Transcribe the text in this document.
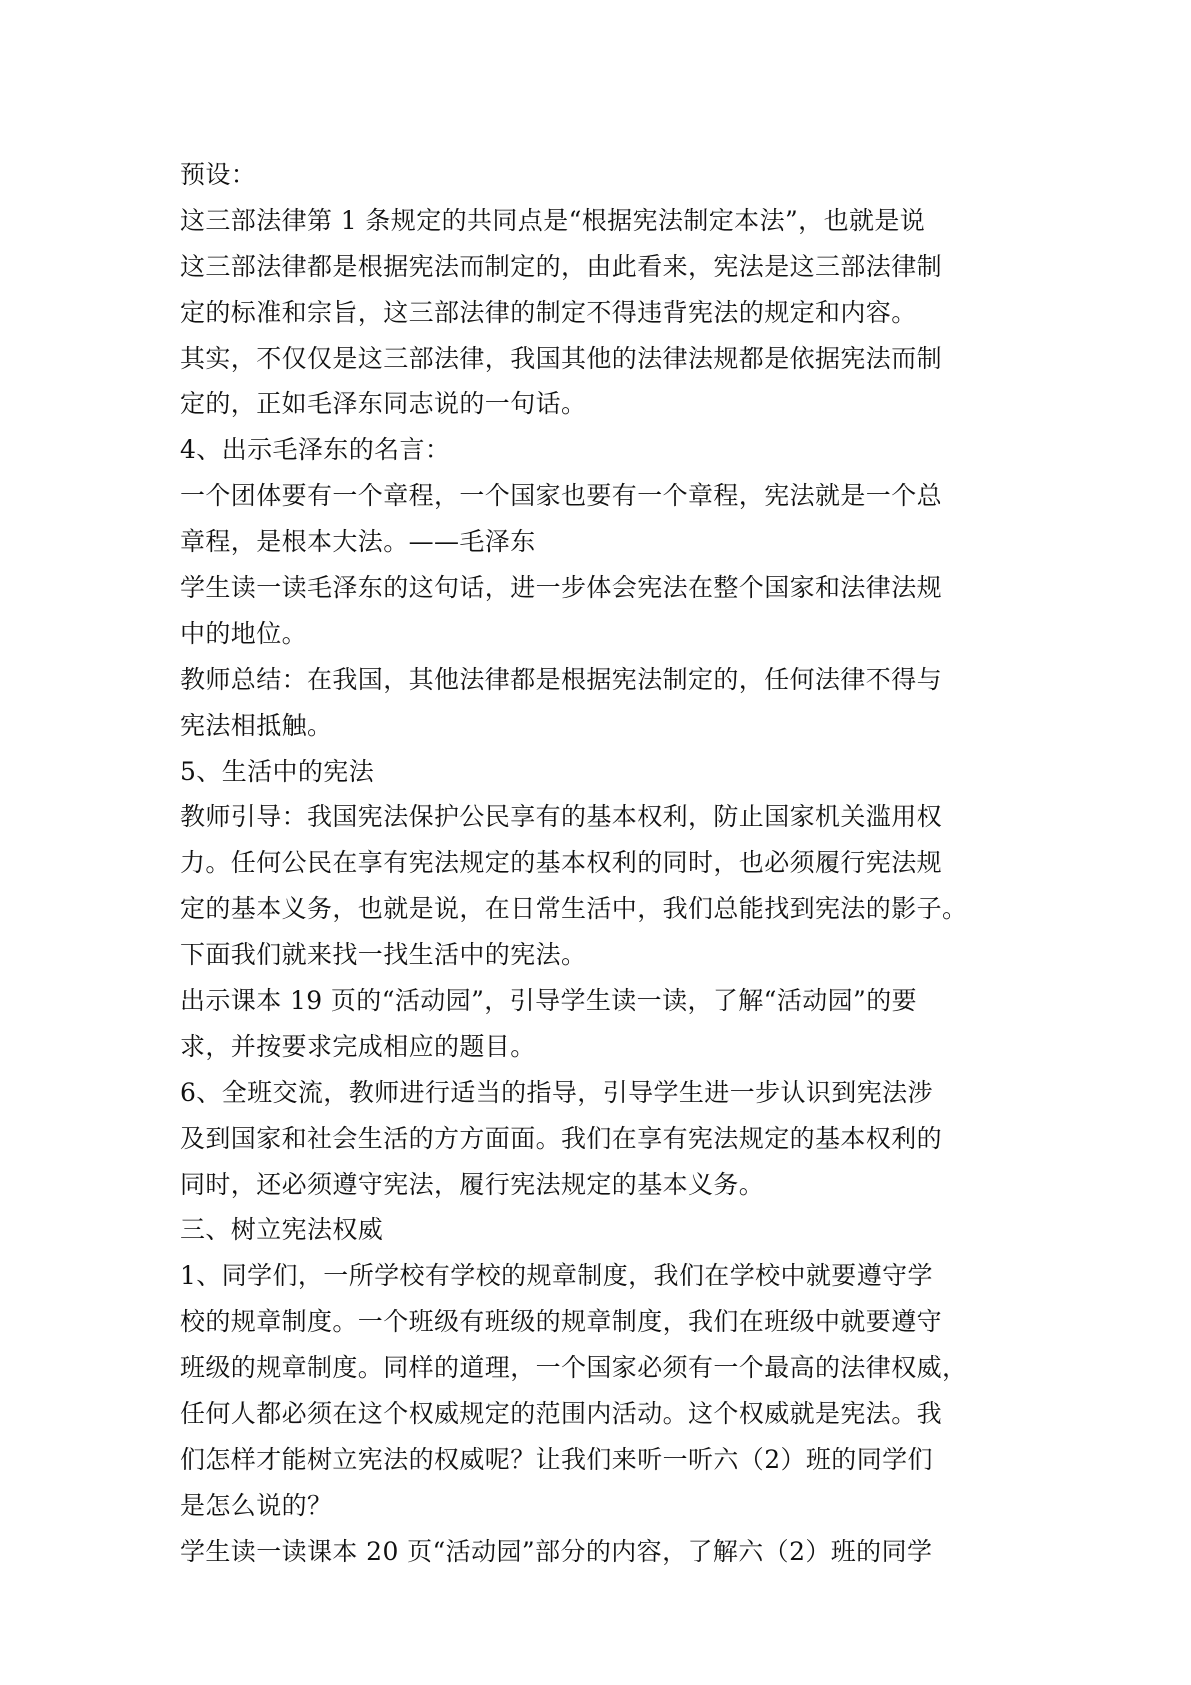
预设：
这三部法律第 1 条规定的共同点是“根据宪法制定本法”，也就是说
这三部法律都是根据宪法而制定的，由此看来，宪法是这三部法律制
定的标准和宗旨，这三部法律的制定不得违背宪法的规定和内容。
其实，不仅仅是这三部法律，我国其他的法律法规都是依据宪法而制
定的，正如毛泽东同志说的一句话。
4、出示毛泽东的名言：
一个团体要有一个章程，一个国家也要有一个章程，宪法就是一个总
章程，是根本大法。——毛泽东
学生读一读毛泽东的这句话，进一步体会宪法在整个国家和法律法规
中的地位。
教师总结：在我国，其他法律都是根据宪法制定的，任何法律不得与
宪法相抵触。
5、生活中的宪法
教师引导：我国宪法保护公民享有的基本权利，防止国家机关滥用权
力。任何公民在享有宪法规定的基本权利的同时，也必须履行宪法规
定的基本义务，也就是说，在日常生活中，我们总能找到宪法的影子。
下面我们就来找一找生活中的宪法。
出示课本 19 页的“活动园”，引导学生读一读，了解“活动园”的要
求，并按要求完成相应的题目。
6、全班交流，教师进行适当的指导，引导学生进一步认识到宪法涉
及到国家和社会生活的方方面面。我们在享有宪法规定的基本权利的
同时，还必须遵守宪法，履行宪法规定的基本义务。
三、树立宪法权威
1、同学们，一所学校有学校的规章制度，我们在学校中就要遵守学
校的规章制度。一个班级有班级的规章制度，我们在班级中就要遵守
班级的规章制度。同样的道理，一个国家必须有一个最高的法律权威，
任何人都必须在这个权威规定的范围内活动。这个权威就是宪法。我
们怎样才能树立宪法的权威呢？让我们来听一听六（2）班的同学们
是怎么说的？
学生读一读课本 20 页“活动园”部分的内容，了解六（2）班的同学
